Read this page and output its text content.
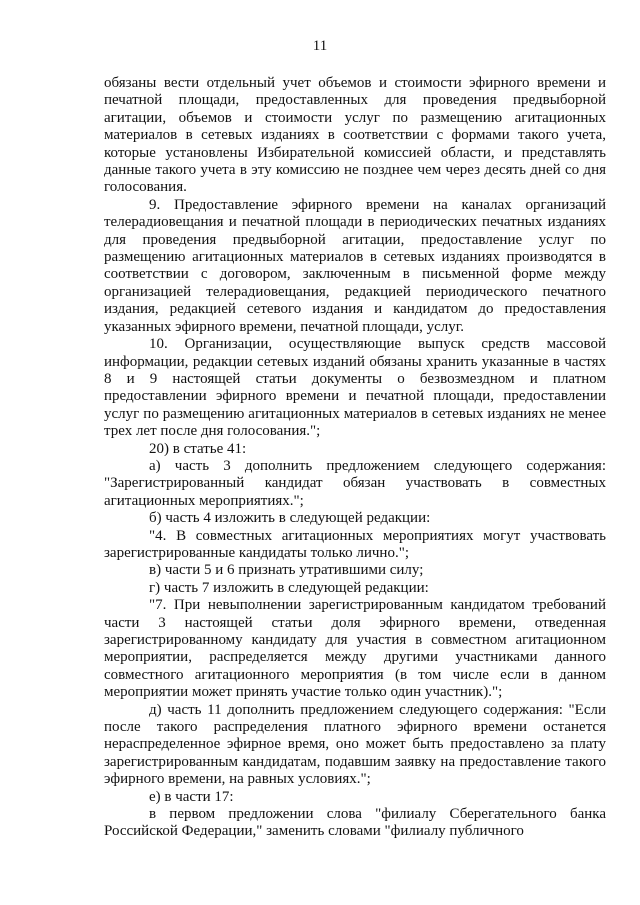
11

обязаны вести отдельный учет объемов и стоимости эфирного времени и печатной площади, предоставленных для проведения предвыборной агитации, объемов и стоимости услуг по размещению агитационных материалов в сетевых изданиях в соответствии с формами такого учета, которые установлены Избирательной комиссией области, и представлять данные такого учета в эту комиссию не позднее чем через десять дней со дня голосования.

9. Предоставление эфирного времени на каналах организаций телерадиовещания и печатной площади в периодических печатных изданиях для проведения предвыборной агитации, предоставление услуг по размещению агитационных материалов в сетевых изданиях производятся в соответствии с договором, заключенным в письменной форме между организацией телерадиовещания, редакцией периодического печатного издания, редакцией сетевого издания и кандидатом до предоставления указанных эфирного времени, печатной площади, услуг.

10. Организации, осуществляющие выпуск средств массовой информации, редакции сетевых изданий обязаны хранить указанные в частях 8 и 9 настоящей статьи документы о безвозмездном и платном предоставлении эфирного времени и печатной площади, предоставлении услуг по размещению агитационных материалов в сетевых изданиях не менее трех лет после дня голосования.";

20) в статье 41:

а) часть 3 дополнить предложением следующего содержания: "Зарегистрированный кандидат обязан участвовать в совместных агитационных мероприятиях.";

б) часть 4 изложить в следующей редакции:

"4. В совместных агитационных мероприятиях могут участвовать зарегистрированные кандидаты только лично.";

в) части 5 и 6 признать утратившими силу;

г) часть 7 изложить в следующей редакции:

"7. При невыполнении зарегистрированным кандидатом требований части 3 настоящей статьи доля эфирного времени, отведенная зарегистрированному кандидату для участия в совместном агитационном мероприятии, распределяется между другими участниками данного совместного агитационного мероприятия (в том числе если в данном мероприятии может принять участие только один участник).";

д) часть 11 дополнить предложением следующего содержания: "Если после такого распределения платного эфирного времени останется нераспределенное эфирное время, оно может быть предоставлено за плату зарегистрированным кандидатам, подавшим заявку на предоставление такого эфирного времени, на равных условиях.";

е) в части 17:

в первом предложении слова "филиалу Сберегательного банка Российской Федерации," заменить словами "филиалу публичного
